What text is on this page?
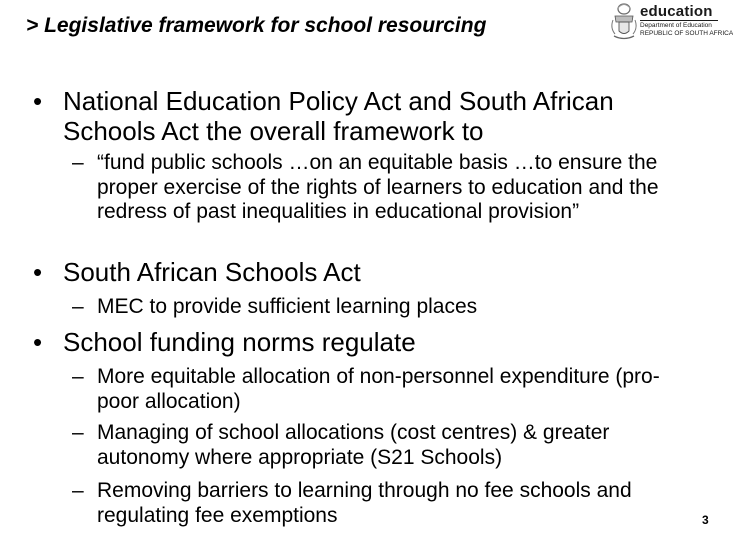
> Legislative framework for school resourcing
education
Department of Education
REPUBLIC OF SOUTH AFRICA
• National Education Policy Act and South African Schools Act the overall framework to
– “fund public schools …on an equitable basis …to ensure the proper exercise of the rights of learners to education and the redress of past inequalities in educational provision”
• South African Schools Act
– MEC to provide sufficient learning places
• School funding norms regulate
– More equitable allocation of non-personnel expenditure (pro-poor allocation)
– Managing of school allocations (cost centres) & greater autonomy where appropriate (S21 Schools)
– Removing barriers to learning through no fee schools and regulating fee exemptions	3
